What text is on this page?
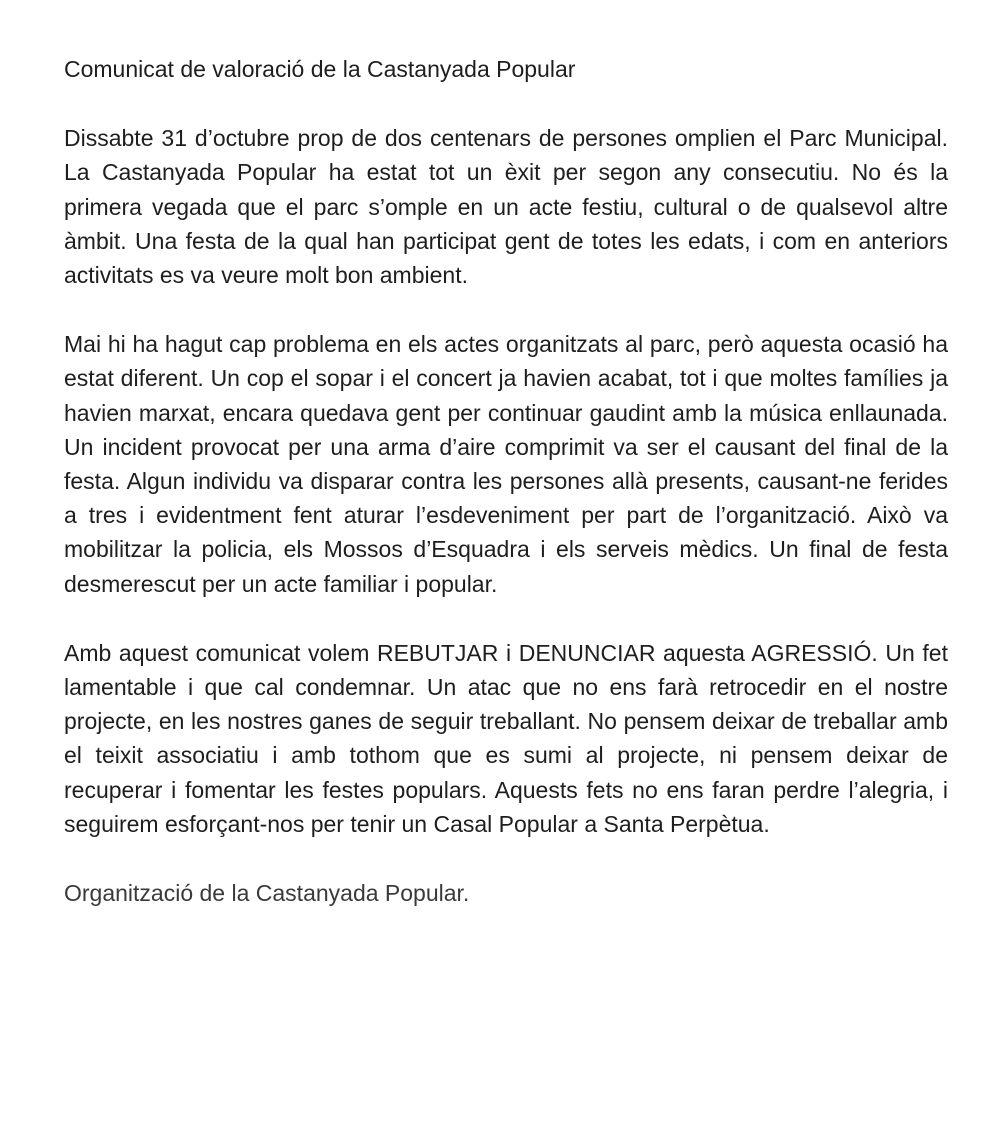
Comunicat de valoració de la Castanyada Popular

Dissabte 31 d’octubre prop de dos centenars de persones omplien el Parc Municipal. La Castanyada Popular ha estat tot un èxit per segon any consecutiu. No és la primera vegada que el parc s’omple en un acte festiu, cultural o de qualsevol altre àmbit. Una festa de la qual han participat gent de totes les edats, i com en anteriors activitats es va veure molt bon ambient.

Mai hi ha hagut cap problema en els actes organitzats al parc, però aquesta ocasió ha estat diferent. Un cop el sopar i el concert ja havien acabat, tot i que moltes famílies ja havien marxat, encara quedava gent per continuar gaudint amb la música enllaunada. Un incident provocat per una arma d’aire comprimit va ser el causant del final de la festa. Algun individu va disparar contra les persones allà presents, causant-ne ferides a tres i evidentment fent aturar l’esdeveniment per part de l’organització. Això va mobilitzar la policia, els Mossos d’Esquadra i els serveis mèdics. Un final de festa desmerescut per un acte familiar i popular.

Amb aquest comunicat volem REBUTJAR i DENUNCIAR aquesta AGRESSIÓ. Un fet lamentable i que cal condemnar. Un atac que no ens farà retrocedir en el nostre projecte, en les nostres ganes de seguir treballant. No pensem deixar de treballar amb el teixit associatiu i amb tothom que es sumi al projecte, ni pensem deixar de recuperar i fomentar les festes populars. Aquests fets no ens faran perdre l’alegria, i seguirem esforçant-nos per tenir un Casal Popular a Santa Perpètua.

Organització de la Castanyada Popular.
